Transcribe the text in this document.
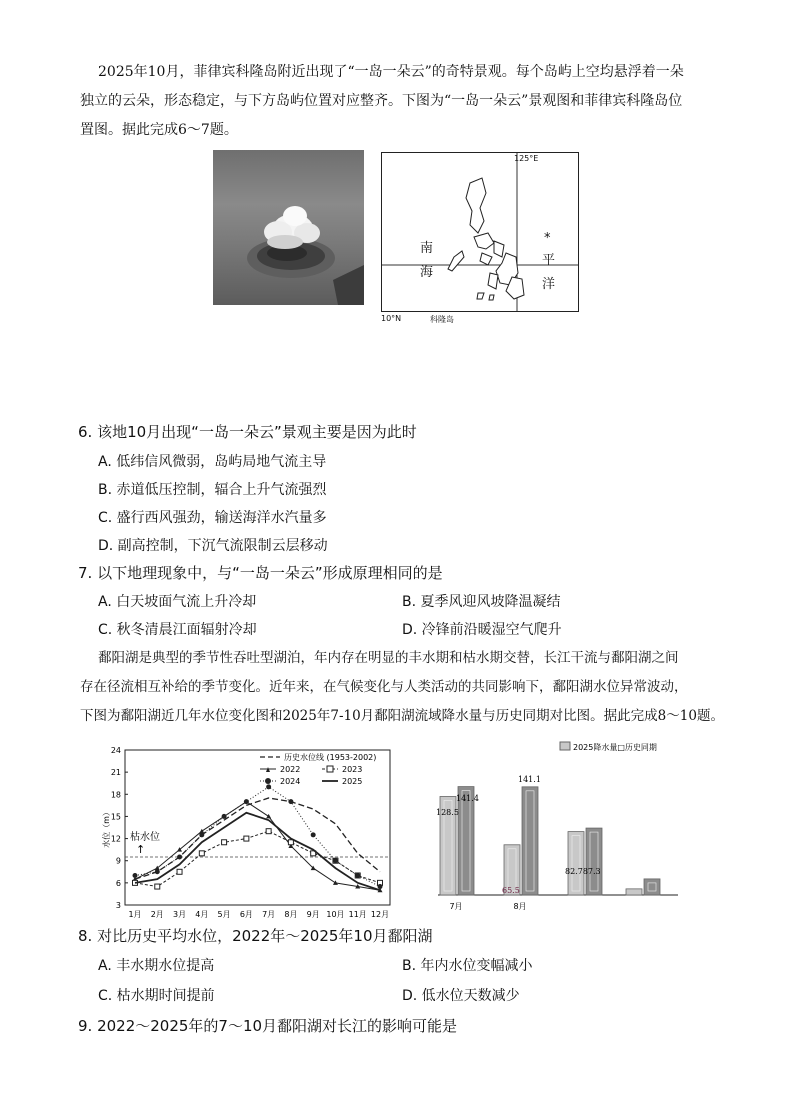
2025年10月，菲律宾科隆岛附近出现了“一岛一朵云”的奇特景观。每个岛屿上空均悬浮着一朵
独立的云朵，形态稳定，与下方岛屿位置对应整齐。下图为“一岛一朵云”景观图和菲律宾科隆岛位
置图。据此完成6～7题。
125°E
南
海
*
平
洋
10°N	科隆岛
6. 该地10月出现“一岛一朵云”景观主要是因为此时
A. 低纬信风微弱，岛屿局地气流主导
B. 赤道低压控制，辐合上升气流强烈
C. 盛行西风强劲，输送海洋水汽量多
D. 副高控制，下沉气流限制云层移动
7. 以下地理现象中，与“一岛一朵云”形成原理相同的是
A. 白天坡面气流上升冷却	B. 夏季风迎风坡降温凝结
C. 秋冬清晨江面辐射冷却	D. 冷锋前沿暖湿空气爬升
鄱阳湖是典型的季节性吞吐型湖泊，年内存在明显的丰水期和枯水期交替，长江干流与鄱阳湖之间
存在径流相互补给的季节变化。近年来，在气候变化与人类活动的共同影响下，鄱阳湖水位异常波动，
下图为鄱阳湖近几年水位变化图和2025年7-10月鄱阳湖流域降水量与历史同期对比图。据此完成8～10题。
3
6
9
12
15
18
21
24
1月 2月 3月 4月 5月 6月 7月 8月 9月 10月 11月 12月
水位（m） 枯水位
↑
历史水位线 (1953-2002)
2022	2023
2024	2025
2025降水量□历史同期
7月	8月
128.5
141.4
141.1
65.5
82.787.3
8. 对比历史平均水位，2022年～2025年10月鄱阳湖
A. 丰水期水位提高	B. 年内水位变幅减小
C. 枯水期时间提前	D. 低水位天数减少
9. 2022～2025年的7～10月鄱阳湖对长江的影响可能是
